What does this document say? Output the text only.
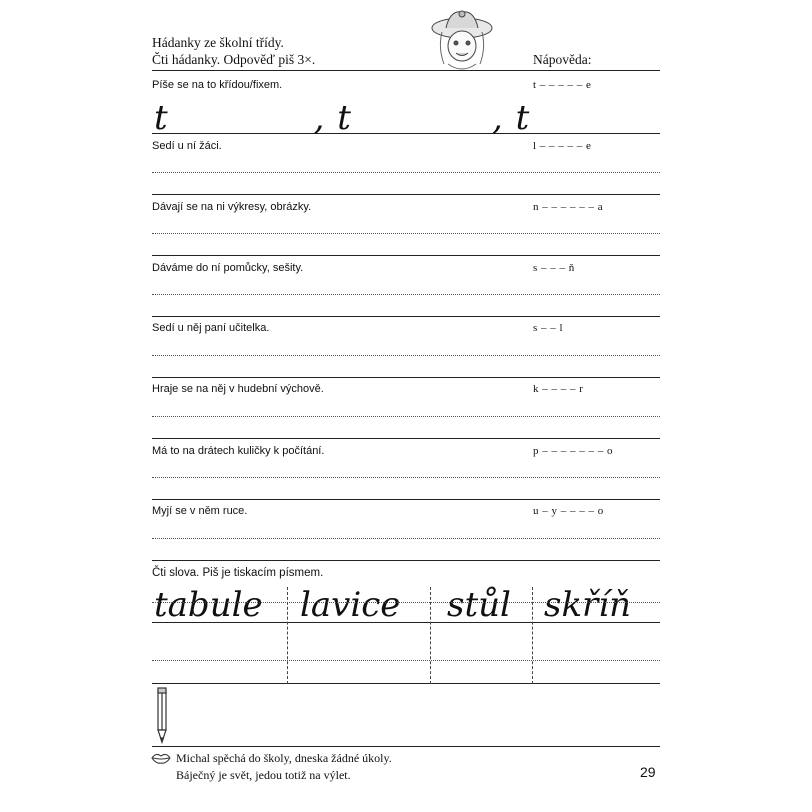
Hádanky ze školní třídy.
Čti hádanky. Odpověď piš 3×.	Nápověda:
Píše se na to křídou/fixem.	t – – – – – e
t	, t	, t
Sedí u ní žáci.	l – – – – – e
Dávají se na ni výkresy, obrázky.	n – – – – – – a
Dáváme do ní pomůcky, sešity.	s – – – ň
Sedí u něj paní učitelka.	s – – l
Hraje se na něj v hudební výchově.	k – – – – r
Má to na drátech kuličky k počítání.	p – – – – – – – o
Myjí se v něm ruce.	u – y – – – – o
Čti slova. Piš je tiskacím písmem.
tabule lavice stůl skříň
Michal spěchá do školy, dneska žádné úkoly.
Báječný je svět, jedou totiž na výlet.	29
